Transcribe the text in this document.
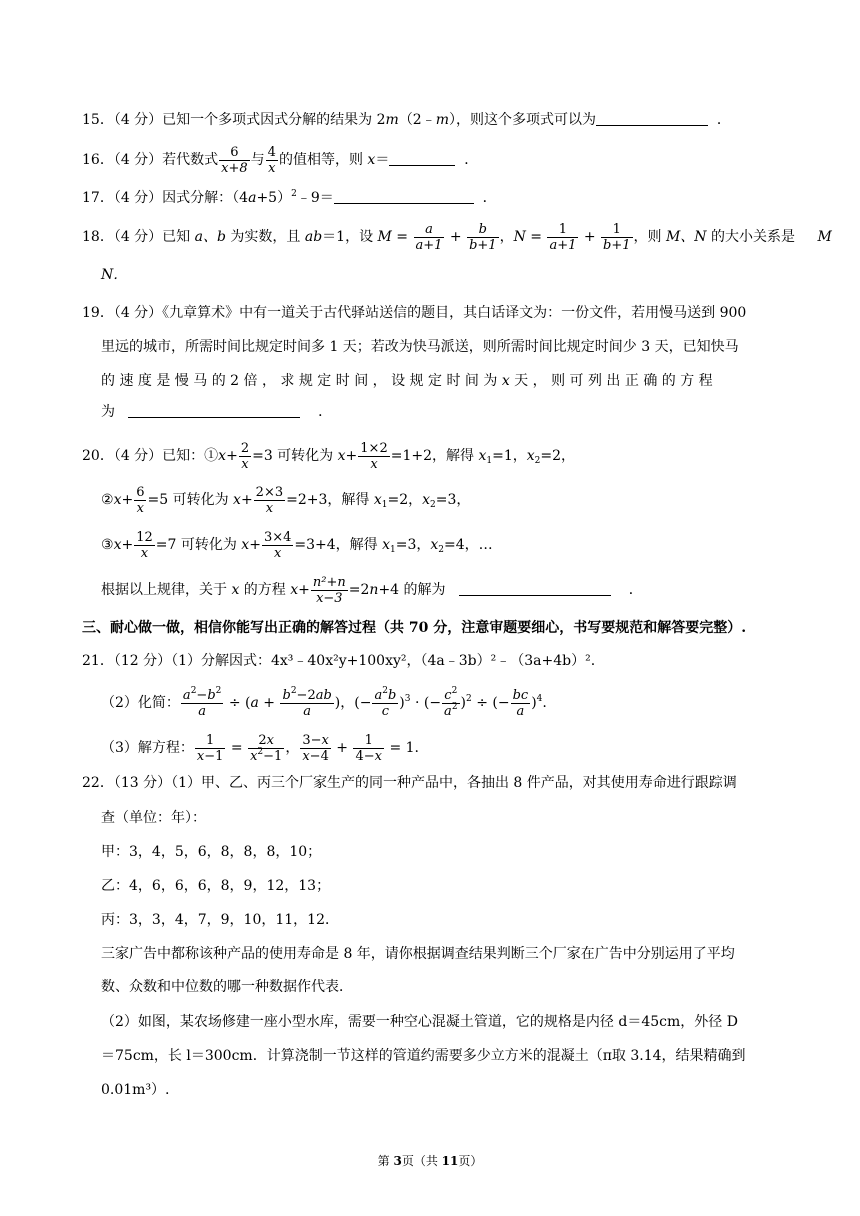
15．（4 分）已知一个多项式因式分解的结果为 2m（2﹣m），则这个多项式可以为	．
16．（4 分）若代数式 $\frac{6}{x+8}$ 与 $\frac{4}{x}$ 的值相等，则 x＝	．
17．（4 分）因式分解：$(4a+5)^2﹣9=$	．
18．（4 分）已知 a、b 为实数，且 ab＝1，设 $M = \frac{a}{a+1} + \frac{b}{b+1}$ ，$N = \frac{1}{a+1} + \frac{1}{b+1}$ ，则 M、N 的大小关系是 M
N．
19．（4 分）《九章算术》中有一道关于古代驿站送信的题目，其白话译文为：一份文件，若用慢马送到 900
里远的城市，所需时间比规定时间多 1 天；若改为快马派送，则所需时间比规定时间少 3 天，已知快马
的 速 度 是 慢 马 的 2 倍 ， 求 规 定 时 间 ， 设 规 定 时 间 为 x 天 ， 则 可 列 出 正 确 的 方 程
为	．
20．（4 分）已知：①x+ $\frac{2}{x} =3$ 可转化为 $x+ \frac{1\times 2}{x} =1+2$，解得 $x_1=1$，$x_2=2$，
②x+ $\frac{6}{x} =5$ 可转化为 $x+ \frac{2\times 3}{x} =2+3$，解得 $x_1=2$，$x_2=3$，
③x+ $\frac{12}{x} =7$ 可转化为 $x+ \frac{3\times 4}{x} =3+4$，解得 $x_1=3$，$x_2=4$，…
根据以上规律，关于 x 的方程 $x+ \frac{\text{n²+n}}{x-3} =2n+4$ 的解为	．
三、耐心做一做，相信你能写出正确的解答过程（共 70 分，注意审题要细心，书写要规范和解答要完整）.
21．（12 分）（1）分解因式：4x³﹣40x²y+100xy²，（4a﹣3b）²﹣（3a+4b）².
（2）化简： $\frac{a^2-b^2}{a} \div (a + \frac{b^2-2ab}{a}$ )，(− $\frac{a^2b}{c} )^3$ · (− $\frac{c^2}{a^2} )^2$ ÷ (− $\frac{bc}{a} )^4$.
（3）解方程： $\frac{1}{x-1} = \frac{2x}{x^2-1}$ ， $\frac{3-x}{x-4} + \frac{1}{4-x} = 1$.
22．（13 分）（1）甲、乙、丙三个厂家生产的同一种产品中，各抽出 8 件产品，对其使用寿命进行跟踪调
查（单位：年）：
甲：3，4，5，6，8，8，8，10；
乙：4，6，6，6，8，9，12，13；
丙：3，3，4，7，9，10，11，12．
三家广告中都称该种产品的使用寿命是 8 年，请你根据调查结果判断三个厂家在广告中分别运用了平均
数、众数和中位数的哪一种数据作代表．
（2）如图，某农场修建一座小型水库，需要一种空心混凝土管道，它的规格是内径 d＝45cm，外径 D
＝75cm，长 l＝300cm．计算浇制一节这样的管道约需要多少立方米的混凝土（π取 3.14，结果精确到
0.01m³）.
第 3页（共 11页）
